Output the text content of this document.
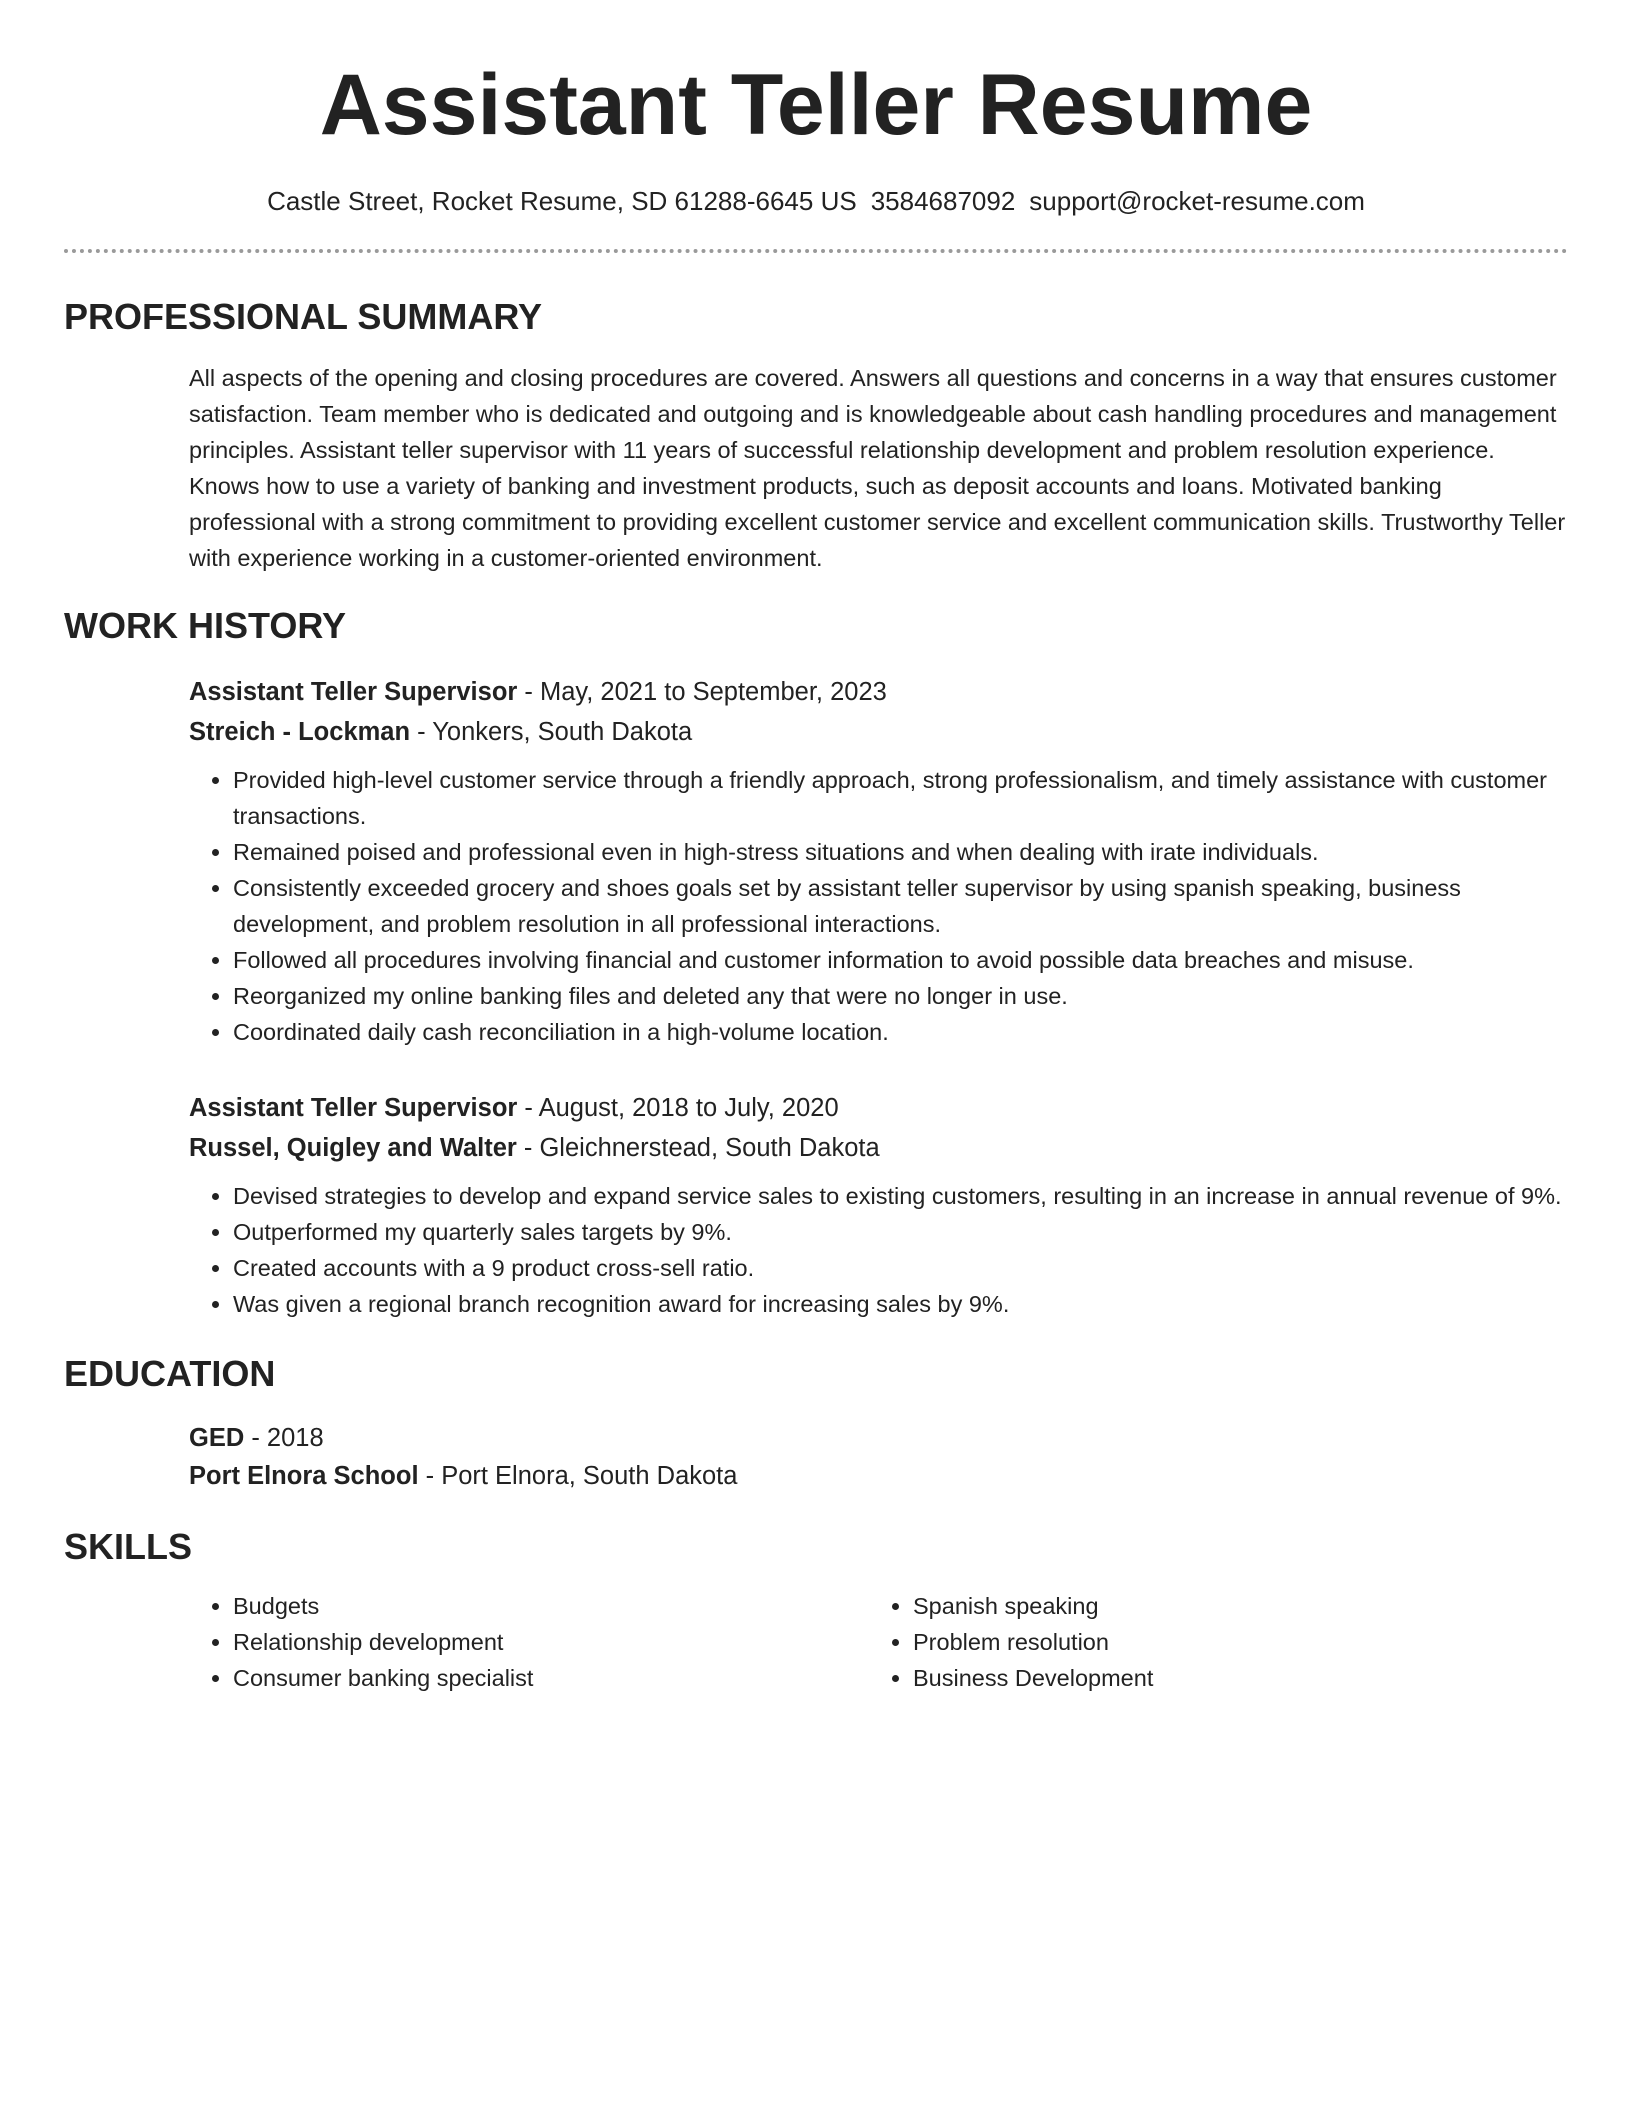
Assistant Teller Resume
Castle Street, Rocket Resume, SD 61288-6645 US 3584687092 support@rocket-resume.com
PROFESSIONAL SUMMARY

All aspects of the opening and closing procedures are covered. Answers all questions and concerns in a way that ensures customer satisfaction. Team member who is dedicated and outgoing and is knowledgeable about cash handling procedures and management principles. Assistant teller supervisor with 11 years of successful relationship development and problem resolution experience. Knows how to use a variety of banking and investment products, such as deposit accounts and loans. Motivated banking professional with a strong commitment to providing excellent customer service and excellent communication skills. Trustworthy Teller with experience working in a customer-oriented environment.

WORK HISTORY
Assistant Teller Supervisor - May, 2021 to September, 2023
Streich - Lockman - Yonkers, South Dakota
• Provided high-level customer service through a friendly approach, strong professionalism, and timely assistance with customer transactions.
• Remained poised and professional even in high-stress situations and when dealing with irate individuals.
• Consistently exceeded grocery and shoes goals set by assistant teller supervisor by using spanish speaking, business development, and problem resolution in all professional interactions.
• Followed all procedures involving financial and customer information to avoid possible data breaches and misuse.
• Reorganized my online banking files and deleted any that were no longer in use.
• Coordinated daily cash reconciliation in a high-volume location.
Assistant Teller Supervisor - August, 2018 to July, 2020
Russel, Quigley and Walter - Gleichnerstead, South Dakota
• Devised strategies to develop and expand service sales to existing customers, resulting in an increase in annual revenue of 9%.
• Outperformed my quarterly sales targets by 9%.
• Created accounts with a 9 product cross-sell ratio.
• Was given a regional branch recognition award for increasing sales by 9%.
EDUCATION
GED - 2018
Port Elnora School - Port Elnora, South Dakota
SKILLS
• Budgets
• Relationship development
• Consumer banking specialist
• Spanish speaking
• Problem resolution
• Business Development
